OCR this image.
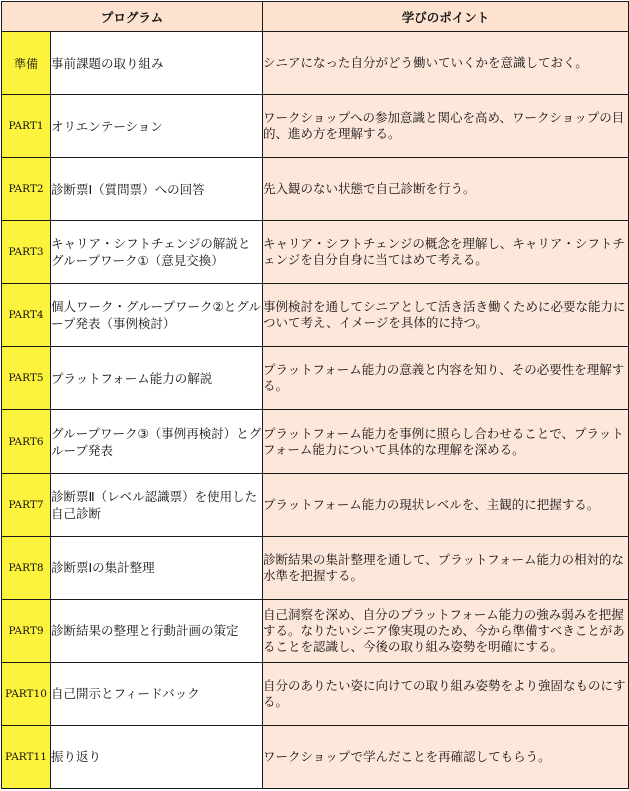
プログラム		学びのポイント
準備	事前課題の取り組み	シニアになった自分がどう働いていくかを意識しておく。
PART1	オリエンテーション	ワークショップへの参加意識と関心を高め、ワークショップの目的、進め方を理解する。
PART2	診断票Ⅰ（質問票）への回答	先入観のない状態で自己診断を行う。
PART3	キャリア・シフトチェンジの解説とグループワーク①（意見交換）	キャリア・シフトチェンジの概念を理解し、キャリア・シフトチェンジを自分自身に当てはめて考える。
PART4	個人ワーク・グループワーク②とグループ発表（事例検討）	事例検討を通してシニアとして活き活き働くために必要な能力について考え、イメージを具体的に持つ。
PART5	プラットフォーム能力の解説	プラットフォーム能力の意義と内容を知り、その必要性を理解する。
PART6	グループワーク③（事例再検討）とグループ発表	プラットフォーム能力を事例に照らし合わせることで、プラットフォーム能力について具体的な理解を深める。
PART7	診断票Ⅱ（レベル認識票）を使用した自己診断	プラットフォーム能力の現状レベルを、主観的に把握する。
PART8	診断票Ⅰの集計整理	診断結果の集計整理を通して、プラットフォーム能力の相対的な水準を把握する。
PART9	診断結果の整理と行動計画の策定	自己洞察を深め、自分のプラットフォーム能力の強み弱みを把握する。なりたいシニア像実現のため、今から準備すべきことがあることを認識し、今後の取り組み姿勢を明確にする。
PART10	自己開示とフィードバック	自分のありたい姿に向けての取り組み姿勢をより強固なものにする。
PART11	振り返り	ワークショップで学んだことを再確認してもらう。
